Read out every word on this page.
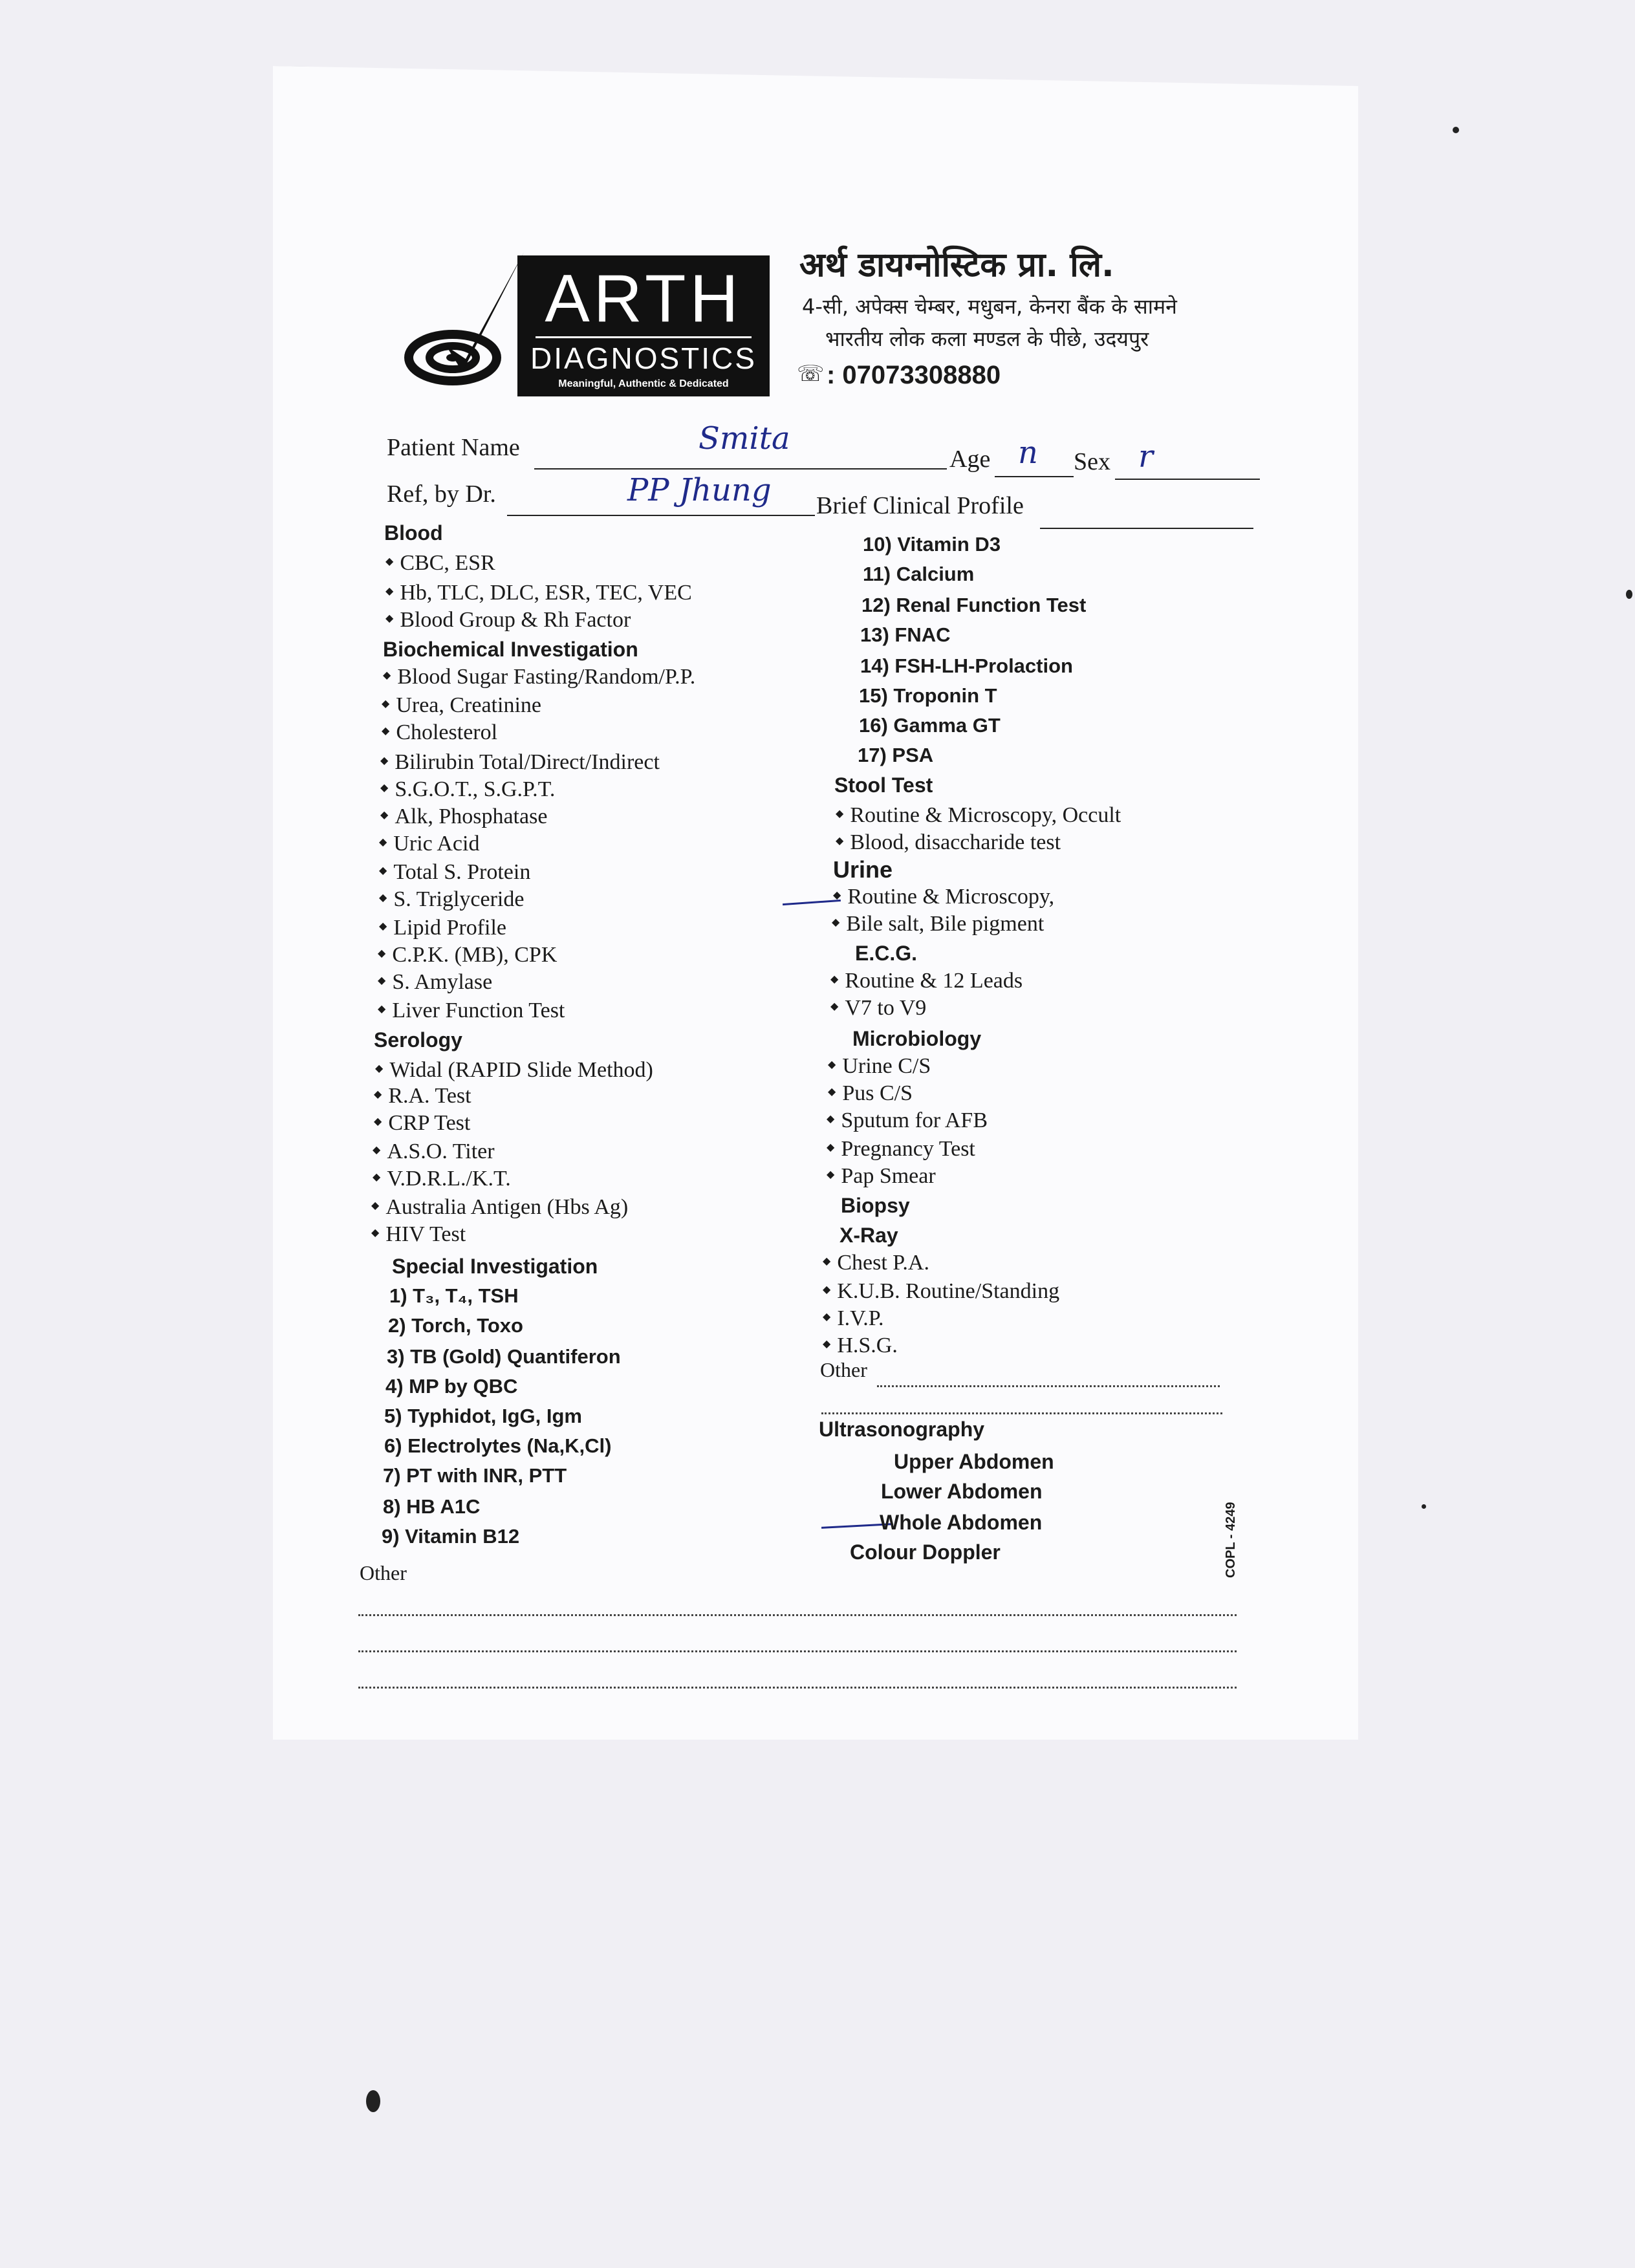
ARTH
DIAGNOSTICS
Meaningful, Authentic & Dedicated
अर्थ डायग्नोस्टिक प्रा. लि.
4-सी, अपेक्स चेम्बर, मधुबन, केनरा बैंक के सामने
भारतीय लोक कला मण्डल के पीछे, उदयपुर
☏ : 07073308880
Patient Name	Smita
Age n Sex r
Ref, by Dr.	PP Jhung Brief Clinical Profile
Blood
◆ CBC, ESR
◆ Hb, TLC, DLC, ESR, TEC, VEC
◆ Blood Group & Rh Factor
Biochemical Investigation
◆ Blood Sugar Fasting/Random/P.P.
◆ Urea, Creatinine
◆ Cholesterol
◆ Bilirubin Total/Direct/Indirect
◆ S.G.O.T., S.G.P.T.
◆ Alk, Phosphatase
◆ Uric Acid
◆ Total S. Protein
◆ S. Triglyceride
◆ Lipid Profile
◆ C.P.K. (MB), CPK
◆ S. Amylase
◆ Liver Function Test
Serology
◆ Widal (RAPID Slide Method)
◆ R.A. Test
◆ CRP Test
◆ A.S.O. Titer
◆ V.D.R.L./K.T.
◆ Australia Antigen (Hbs Ag)
◆ HIV Test
Special Investigation
1) T₃, T₄, TSH
2) Torch, Toxo
3) TB (Gold) Quantiferon
4) MP by QBC
5) Typhidot, IgG, Igm
6) Electrolytes (Na,K,Cl)
7) PT with INR, PTT
8) HB A1C
9) Vitamin B12
Other
10) Vitamin D3
11) Calcium
12) Renal Function Test
13) FNAC
14) FSH-LH-Prolaction
15) Troponin T
16) Gamma GT
17) PSA
Stool Test
◆ Routine & Microscopy, Occult
◆ Blood, disaccharide test
Urine
◆ Routine & Microscopy,
◆ Bile salt, Bile pigment
E.C.G.
◆ Routine & 12 Leads
◆ V7 to V9
Microbiology
◆ Urine C/S
◆ Pus C/S
◆ Sputum for AFB
◆ Pregnancy Test
◆ Pap Smear
Biopsy
X-Ray
◆ Chest P.A.
◆ K.U.B. Routine/Standing
◆ I.V.P.
◆ H.S.G.
Other
Ultrasonography
Upper Abdomen
Lower Abdomen
Whole Abdomen
Colour Doppler	COPL - 4249
